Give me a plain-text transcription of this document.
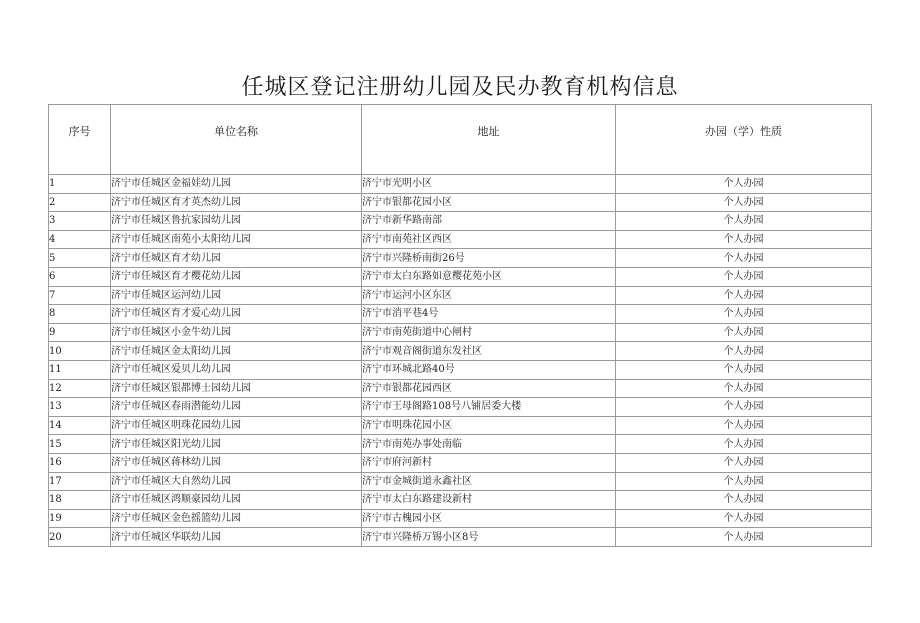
任城区登记注册幼儿园及民办教育机构信息
序号	单位名称	地址	办园（学）性质
1	济宁市任城区金福娃幼儿园	济宁市光明小区	个人办园
2	济宁市任城区育才英杰幼儿园	济宁市银都花园小区	个人办园
3	济宁市任城区鲁抗家园幼儿园	济宁市新华路南部	个人办园
4	济宁市任城区南苑小太阳幼儿园	济宁市南苑社区西区	个人办园
5	济宁市任城区育才幼儿园	济宁市兴隆桥南街26号	个人办园
6	济宁市任城区育才樱花幼儿园	济宁市太白东路如意樱花苑小区	个人办园
7	济宁市任城区运河幼儿园	济宁市运河小区东区	个人办园
8	济宁市任城区育才爱心幼儿园	济宁市消平巷4号	个人办园
9	济宁市任城区小金牛幼儿园	济宁市南苑街道中心闸村	个人办园
10	济宁市任城区金太阳幼儿园	济宁市观音阁街道东发社区	个人办园
11	济宁市任城区爱贝儿幼儿园	济宁市环城北路40号	个人办园
12	济宁市任城区银都博士园幼儿园	济宁市银都花园西区	个人办园
13	济宁市任城区春雨潜能幼儿园	济宁市王母阁路108号八铺居委大楼	个人办园
14	济宁市任城区明珠花园幼儿园	济宁市明珠花园小区	个人办园
15	济宁市任城区阳光幼儿园	济宁市南苑办事处南临	个人办园
16	济宁市任城区蒋林幼儿园	济宁市府河新村	个人办园
17	济宁市任城区大自然幼儿园	济宁市金城街道永鑫社区	个人办园
18	济宁市任城区鸿顺豪园幼儿园	济宁市太白东路建设新村	个人办园
19	济宁市任城区金色摇篮幼儿园	济宁市古槐园小区	个人办园
20	济宁市任城区华联幼儿园	济宁市兴隆桥万锡小区8号	个人办园
